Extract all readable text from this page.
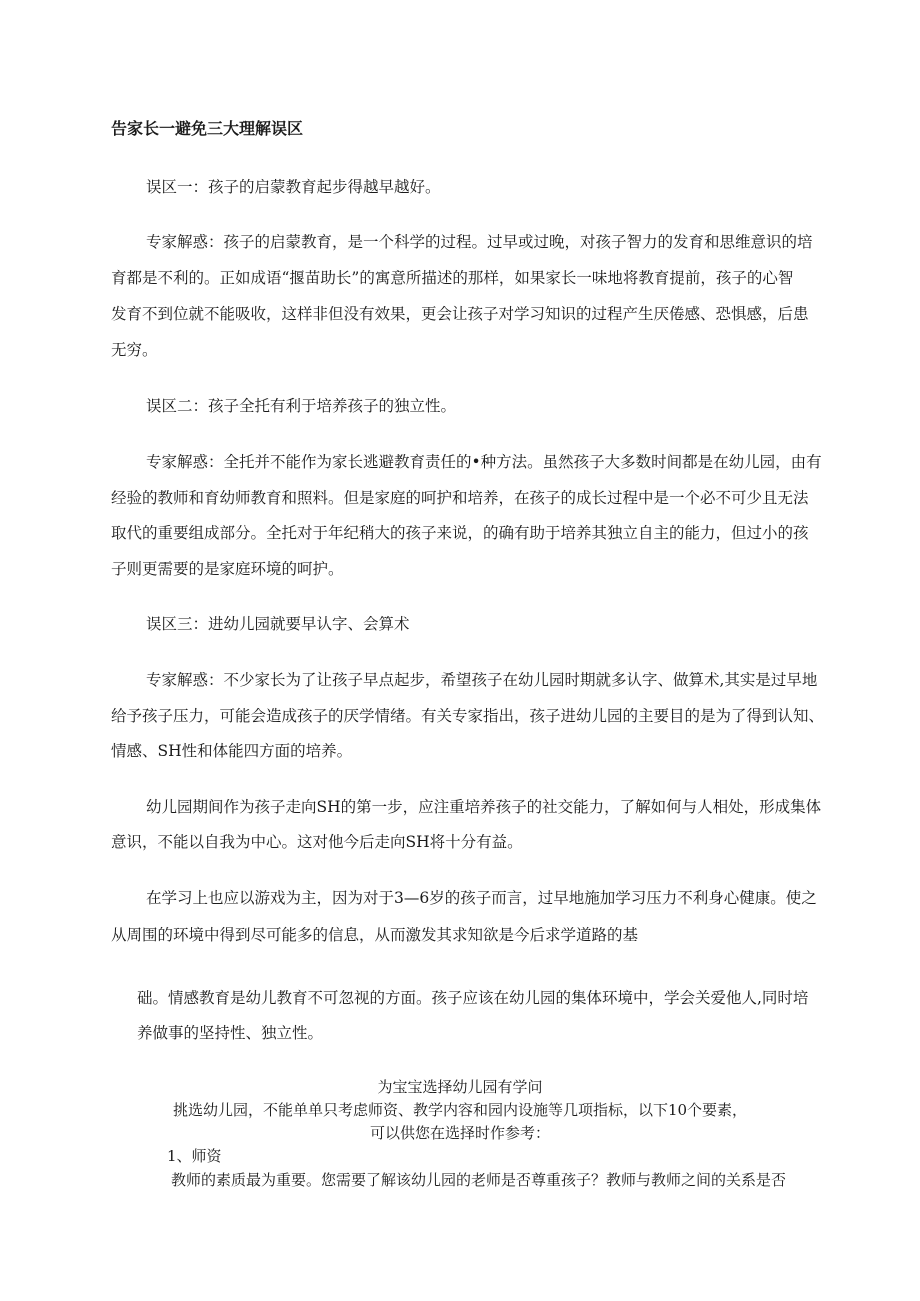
告家长一避免三大理解误区
误区一：孩子的启蒙教育起步得越早越好。
专家解惑：孩子的启蒙教育，是一个科学的过程。过早或过晚，对孩子智力的发育和思维意识的培
育都是不利的。正如成语“揠苗助长”的寓意所描述的那样，如果家长一味地将教育提前，孩子的心智
发育不到位就不能吸收，这样非但没有效果，更会让孩子对学习知识的过程产生厌倦感、恐惧感，后患
无穷。
误区二：孩子全托有利于培养孩子的独立性。
专家解惑：全托并不能作为家长逃避教育责任的•种方法。虽然孩子大多数时间都是在幼儿园，由有
经验的教师和育幼师教育和照料。但是家庭的呵护和培养，在孩子的成长过程中是一个必不可少且无法
取代的重要组成部分。全托对于年纪稍大的孩子来说，的确有助于培养其独立自主的能力，但过小的孩
子则更需要的是家庭环境的呵护。
误区三：进幼儿园就要早认字、会算术
专家解惑：不少家长为了让孩子早点起步，希望孩子在幼儿园时期就多认字、做算术,其实是过早地
给予孩子压力，可能会造成孩子的厌学情绪。有关专家指出，孩子进幼儿园的主要目的是为了得到认知、
情感、SH性和体能四方面的培养。
幼儿园期间作为孩子走向SH的第一步，应注重培养孩子的社交能力，了解如何与人相处，形成集体
意识，不能以自我为中心。这对他今后走向SH将十分有益。
在学习上也应以游戏为主，因为对于3—6岁的孩子而言，过早地施加学习压力不利身心健康。使之
从周围的环境中得到尽可能多的信息，从而激发其求知欲是今后求学道路的基
础。情感教育是幼儿教育不可忽视的方面。孩子应该在幼儿园的集体环境中，学会关爱他人,同时培
养做事的坚持性、独立性。
为宝宝选择幼儿园有学问
挑选幼儿园，不能单单只考虑师资、教学内容和园内设施等几项指标，以下10个要素，
可以供您在选择时作参考：
1、师资
教师的素质最为重要。您需要了解该幼儿园的老师是否尊重孩子？教师与教师之间的关系是否
